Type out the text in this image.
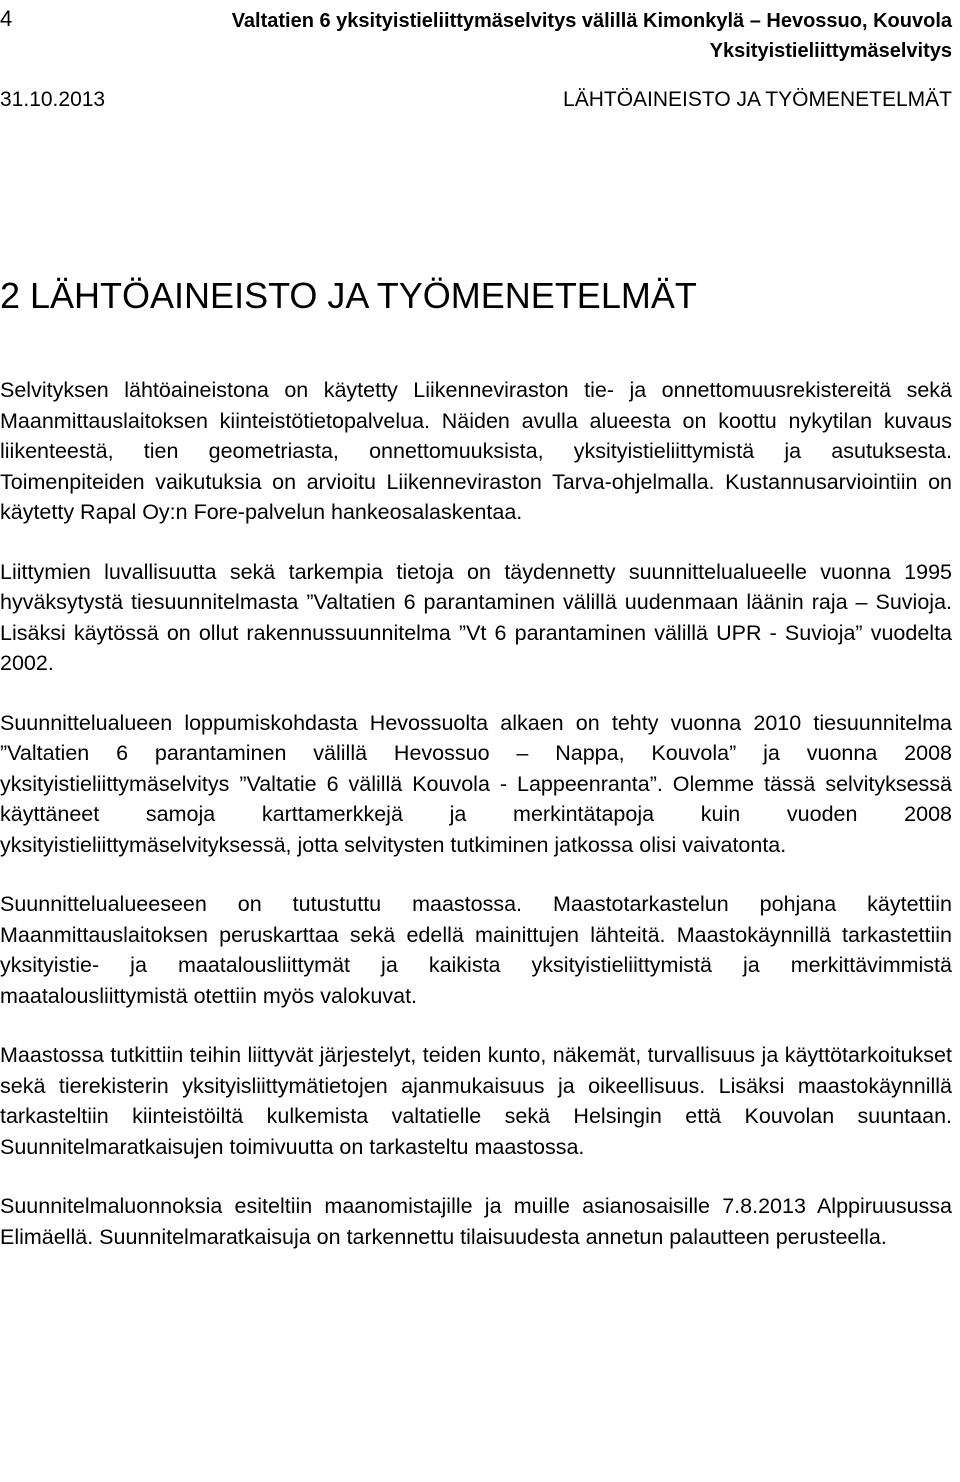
4	Valtatien 6 yksityistieliittymäselvitys välillä Kimonkylä – Hevossuo, Kouvola
Yksityistieliittymäselvitys
31.10.2013	LÄHTÖAINEISTO JA TYÖMENETELMÄT
2 LÄHTÖAINEISTO JA TYÖMENETELMÄT

Selvityksen lähtöaineistona on käytetty Liikenneviraston tie- ja onnettomuusrekistereitä sekä Maanmittauslaitoksen kiinteistötietopalvelua. Näiden avulla alueesta on koottu nykytilan kuvaus liikenteestä, tien geometriasta, onnettomuuksista, yksityistieliittymistä ja asutuksesta. Toimenpiteiden vaikutuksia on arvioitu Liikenneviraston Tarva-ohjelmalla. Kustannusarviointiin on käytetty Rapal Oy:n Fore-palvelun hankeosalaskentaa.

Liittymien luvallisuutta sekä tarkempia tietoja on täydennetty suunnittelualueelle vuonna 1995 hyväksytystä tiesuunnitelmasta ”Valtatien 6 parantaminen välillä uudenmaan läänin raja – Suvioja. Lisäksi käytössä on ollut rakennussuunnitelma ”Vt 6 parantaminen välillä UPR - Suvioja” vuodelta 2002.

Suunnittelualueen loppumiskohdasta Hevossuolta alkaen on tehty vuonna 2010 tiesuunnitelma ”Valtatien 6 parantaminen välillä Hevossuo – Nappa, Kouvola” ja vuonna 2008 yksityistieliittymäselvitys ”Valtatie 6 välillä Kouvola - Lappeenranta”. Olemme tässä selvityksessä käyttäneet samoja karttamerkkejä ja merkintätapoja kuin vuoden 2008 yksityistieliittymäselvityksessä, jotta selvitysten tutkiminen jatkossa olisi vaivatonta.

Suunnittelualueeseen on tutustuttu maastossa. Maastotarkastelun pohjana käytettiin Maanmittauslaitoksen peruskarttaa sekä edellä mainittujen lähteitä. Maastokäynnillä tarkastettiin yksityistie- ja maatalousliittymät ja kaikista yksityistieliittymistä ja merkittävimmistä maatalousliittymistä otettiin myös valokuvat.

Maastossa tutkittiin teihin liittyvät järjestelyt, teiden kunto, näkemät, turvallisuus ja käyttötarkoitukset sekä tierekisterin yksityisliittymätietojen ajanmukaisuus ja oikeellisuus. Lisäksi maastokäynnillä tarkasteltiin kiinteistöiltä kulkemista valtatielle sekä Helsingin että Kouvolan suuntaan. Suunnitelmaratkaisujen toimivuutta on tarkasteltu maastossa.

Suunnitelmaluonnoksia esiteltiin maanomistajille ja muille asianosaisille 7.8.2013 Alppiruusussa Elimäellä. Suunnitelmaratkaisuja on tarkennettu tilaisuudesta annetun palautteen perusteella.
